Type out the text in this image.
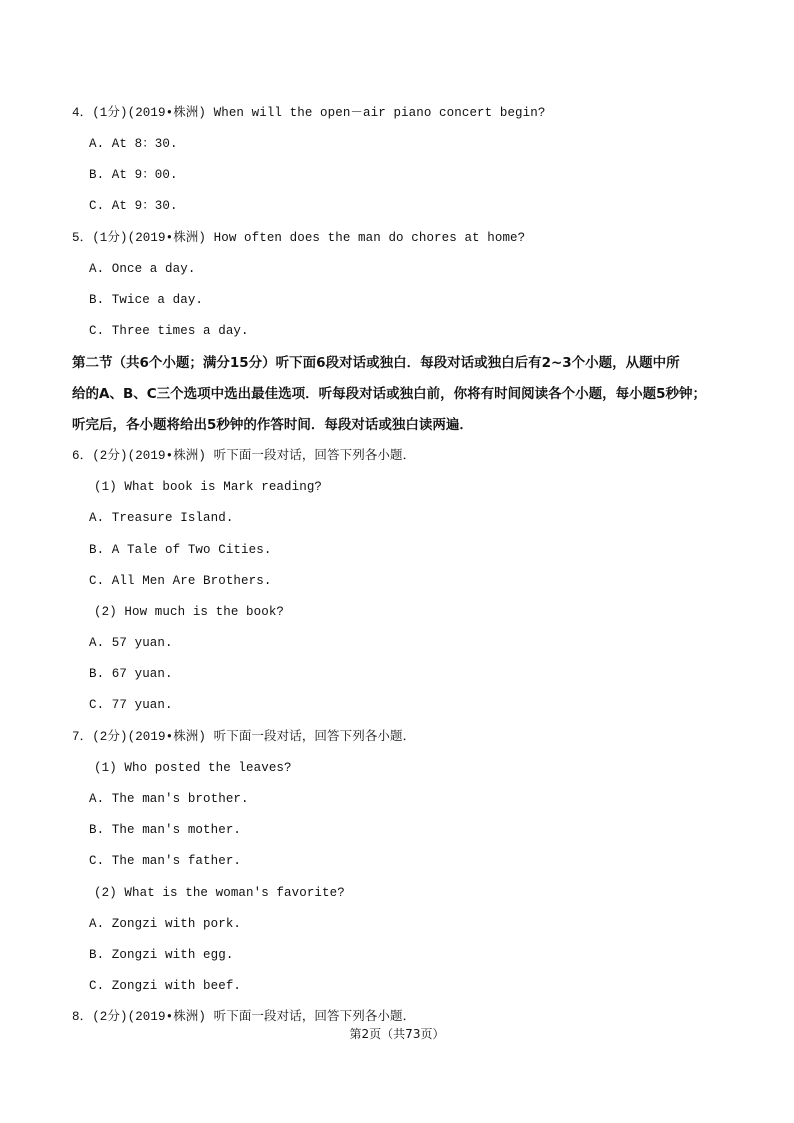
4．(1分)(2019•株洲) When will the open－air piano concert begin?
A. At 8：30.
B. At 9：00.
C. At 9：30.
5．(1分)(2019•株洲) How often does the man do chores at home?
A. Once a day.
B. Twice a day.
C. Three times a day.
第二节（共6个小题；满分15分）听下面6段对话或独白．每段对话或独白后有2~3个小题，从题中所
给的A、B、C三个选项中选出最佳选项．听每段对话或独白前，你将有时间阅读各个小题，每小题5秒钟；
听完后，各小题将给出5秒钟的作答时间．每段对话或独白读两遍．
6．(2分)(2019•株洲) 听下面一段对话，回答下列各小题．
(1) What book is Mark reading?
A. Treasure Island.
B. A Tale of Two Cities.
C. All Men Are Brothers.
(2) How much is the book?
A. 57 yuan.
B. 67 yuan.
C. 77 yuan.
7．(2分)(2019•株洲) 听下面一段对话，回答下列各小题．
(1) Who posted the leaves?
A. The man's brother.
B. The man's mother.
C. The man's father.
(2) What is the woman's favorite?
A. Zongzi with pork.
B. Zongzi with egg.
C. Zongzi with beef.
8．(2分)(2019•株洲) 听下面一段对话，回答下列各小题．
第2页（共73页）
